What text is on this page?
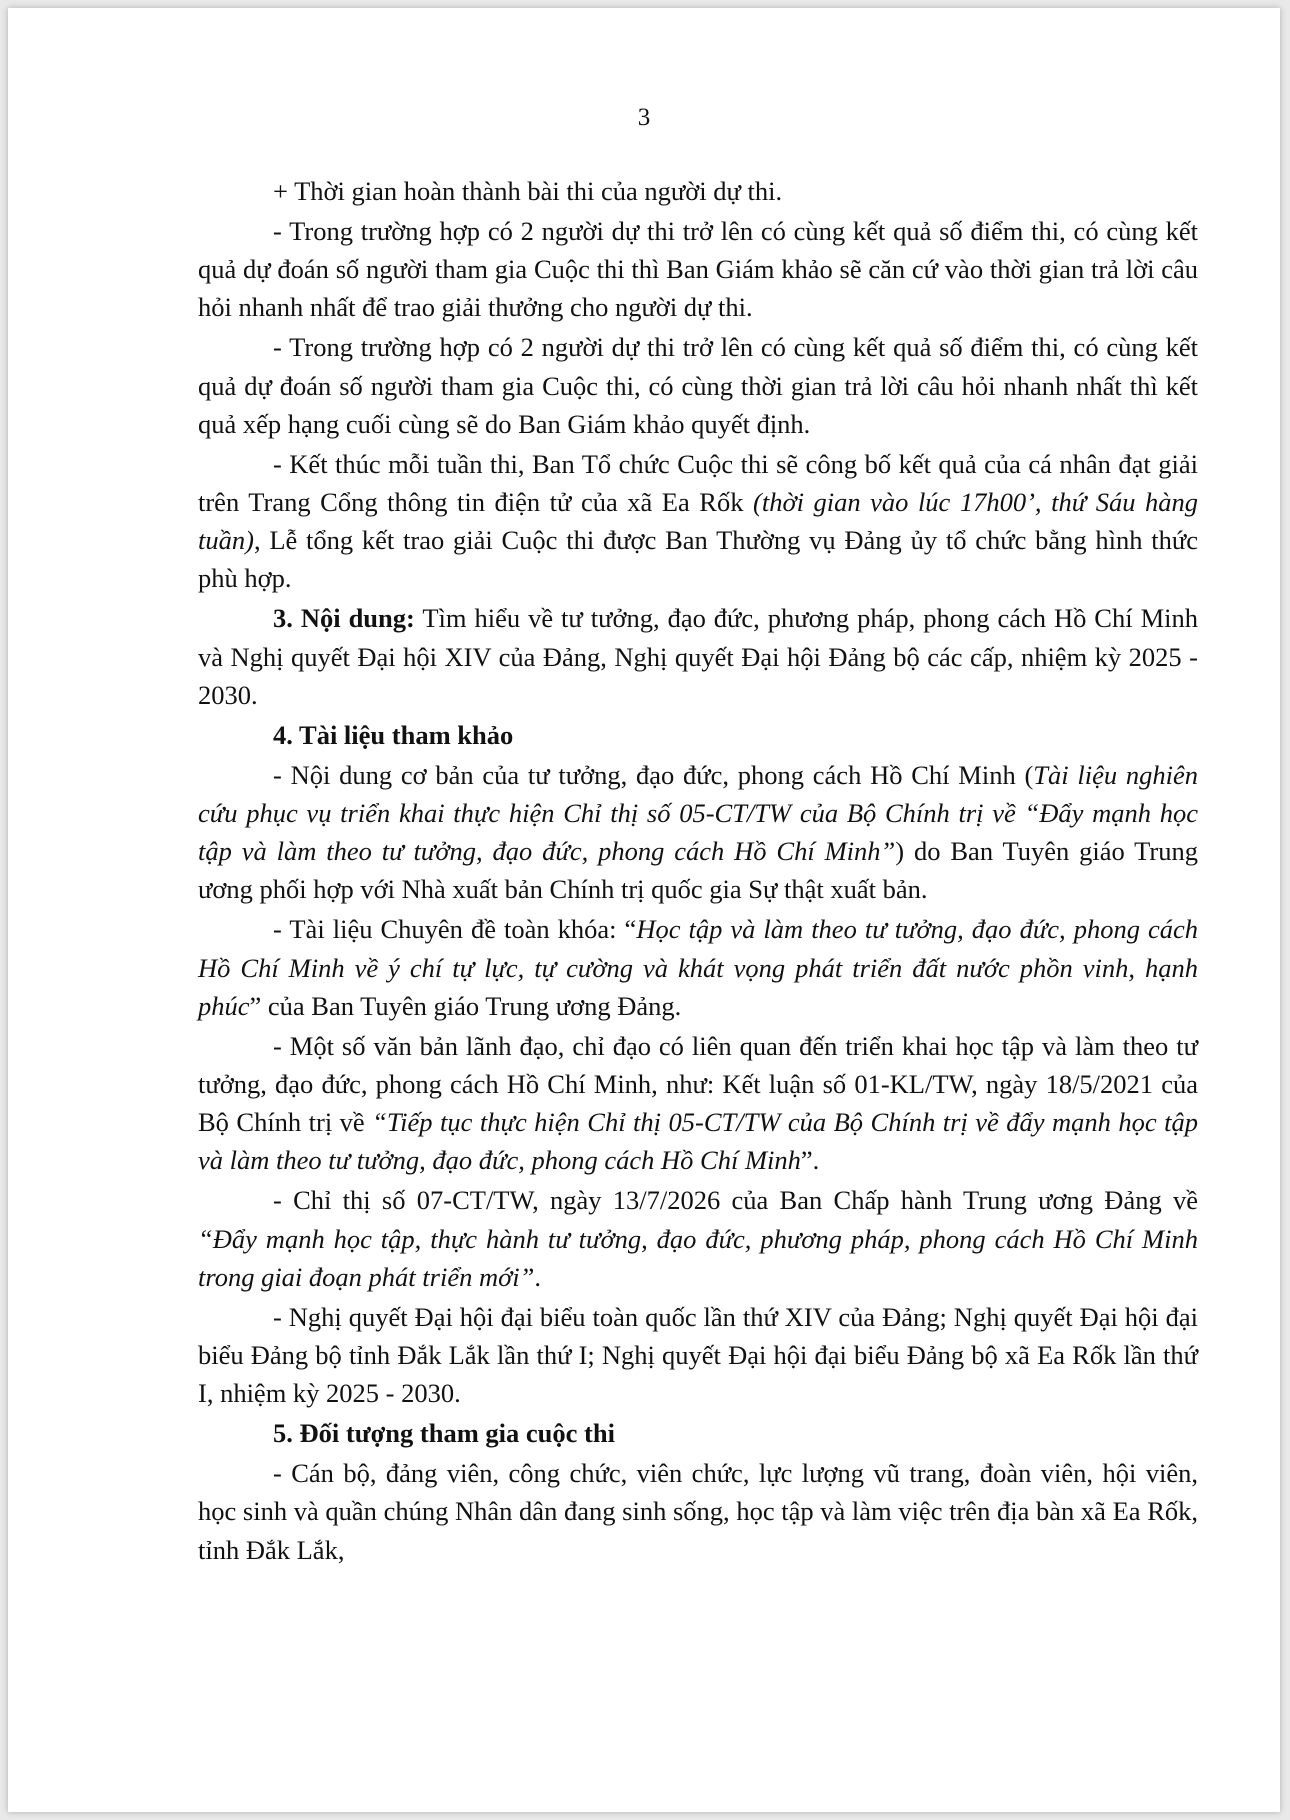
3

+ Thời gian hoàn thành bài thi của người dự thi.

- Trong trường hợp có 2 người dự thi trở lên có cùng kết quả số điểm thi, có cùng kết quả dự đoán số người tham gia Cuộc thi thì Ban Giám khảo sẽ căn cứ vào thời gian trả lời câu hỏi nhanh nhất để trao giải thưởng cho người dự thi.

- Trong trường hợp có 2 người dự thi trở lên có cùng kết quả số điểm thi, có cùng kết quả dự đoán số người tham gia Cuộc thi, có cùng thời gian trả lời câu hỏi nhanh nhất thì kết quả xếp hạng cuối cùng sẽ do Ban Giám khảo quyết định.

- Kết thúc mỗi tuần thi, Ban Tổ chức Cuộc thi sẽ công bố kết quả của cá nhân đạt giải trên Trang Cổng thông tin điện tử của xã Ea Rốk (thời gian vào lúc 17h00’, thứ Sáu hàng tuần), Lễ tổng kết trao giải Cuộc thi được Ban Thường vụ Đảng ủy tổ chức bằng hình thức phù hợp.

3. Nội dung: Tìm hiểu về tư tưởng, đạo đức, phương pháp, phong cách Hồ Chí Minh và Nghị quyết Đại hội XIV của Đảng, Nghị quyết Đại hội Đảng bộ các cấp, nhiệm kỳ 2025 - 2030.

4. Tài liệu tham khảo

- Nội dung cơ bản của tư tưởng, đạo đức, phong cách Hồ Chí Minh (Tài liệu nghiên cứu phục vụ triển khai thực hiện Chỉ thị số 05-CT/TW của Bộ Chính trị về “Đẩy mạnh học tập và làm theo tư tưởng, đạo đức, phong cách Hồ Chí Minh”) do Ban Tuyên giáo Trung ương phối hợp với Nhà xuất bản Chính trị quốc gia Sự thật xuất bản.

- Tài liệu Chuyên đề toàn khóa: “Học tập và làm theo tư tưởng, đạo đức, phong cách Hồ Chí Minh về ý chí tự lực, tự cường và khát vọng phát triển đất nước phồn vinh, hạnh phúc” của Ban Tuyên giáo Trung ương Đảng.

- Một số văn bản lãnh đạo, chỉ đạo có liên quan đến triển khai học tập và làm theo tư tưởng, đạo đức, phong cách Hồ Chí Minh, như: Kết luận số 01-KL/TW, ngày 18/5/2021 của Bộ Chính trị về “Tiếp tục thực hiện Chỉ thị 05-CT/TW của Bộ Chính trị về đẩy mạnh học tập và làm theo tư tưởng, đạo đức, phong cách Hồ Chí Minh”.

- Chỉ thị số 07-CT/TW, ngày 13/7/2026 của Ban Chấp hành Trung ương Đảng về “Đẩy mạnh học tập, thực hành tư tưởng, đạo đức, phương pháp, phong cách Hồ Chí Minh trong giai đoạn phát triển mới”.

- Nghị quyết Đại hội đại biểu toàn quốc lần thứ XIV của Đảng; Nghị quyết Đại hội đại biểu Đảng bộ tỉnh Đắk Lắk lần thứ I; Nghị quyết Đại hội đại biểu Đảng bộ xã Ea Rốk lần thứ I, nhiệm kỳ 2025 - 2030.

5. Đối tượng tham gia cuộc thi

- Cán bộ, đảng viên, công chức, viên chức, lực lượng vũ trang, đoàn viên, hội viên, học sinh và quần chúng Nhân dân đang sinh sống, học tập và làm việc trên địa bàn xã Ea Rốk, tỉnh Đắk Lắk,
